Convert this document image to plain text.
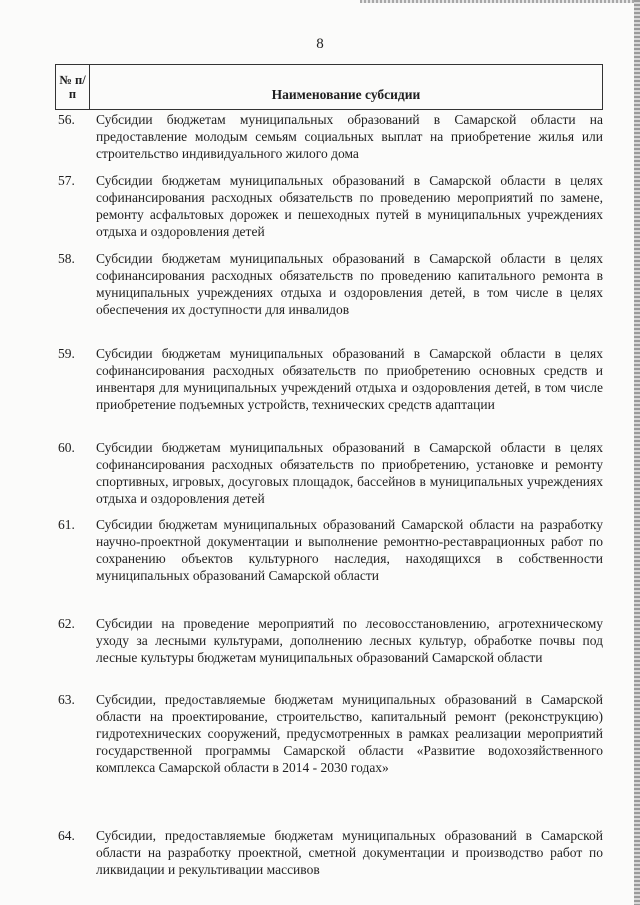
8
№ п/п	Наименование субсидии
56. Субсидии бюджетам муниципальных образований в Самарской области на предоставление молодым семьям социальных выплат на приобретение жилья или строительство индивидуального жилого дома
57. Субсидии бюджетам муниципальных образований в Самарской области в целях софинансирования расходных обязательств по проведению мероприятий по замене, ремонту асфальтовых дорожек и пешеходных путей в муниципальных учреждениях отдыха и оздоровления детей
58. Субсидии бюджетам муниципальных образований в Самарской области в целях софинансирования расходных обязательств по проведению капитального ремонта в муниципальных учреждениях отдыха и оздоровления детей, в том числе в целях обеспечения их доступности для инвалидов
59. Субсидии бюджетам муниципальных образований в Самарской области в целях софинансирования расходных обязательств по приобретению основных средств и инвентаря для муниципальных учреждений отдыха и оздоровления детей, в том числе приобретение подъемных устройств, технических средств адаптации
60. Субсидии бюджетам муниципальных образований в Самарской области в целях софинансирования расходных обязательств по приобретению, установке и ремонту спортивных, игровых, досуговых площадок, бассейнов в муниципальных учреждениях отдыха и оздоровления детей
61. Субсидии бюджетам муниципальных образований Самарской области на разработку научно-проектной документации и выполнение ремонтно-реставрационных работ по сохранению объектов культурного наследия, находящихся в собственности муниципальных образований Самарской области
62. Субсидии на проведение мероприятий по лесовосстановлению, агротехническому уходу за лесными культурами, дополнению лесных культур, обработке почвы под лесные культуры бюджетам муниципальных образований Самарской области
63. Субсидии, предоставляемые бюджетам муниципальных образований в Самарской области на проектирование, строительство, капитальный ремонт (реконструкцию) гидротехнических сооружений, предусмотренных в рамках реализации мероприятий государственной программы Самарской области «Развитие водохозяйственного комплекса Самарской области в 2014 - 2030 годах»
64. Субсидии, предоставляемые бюджетам муниципальных образований в Самарской области на разработку проектной, сметной документации и производство работ по ликвидации и рекультивации массивов
